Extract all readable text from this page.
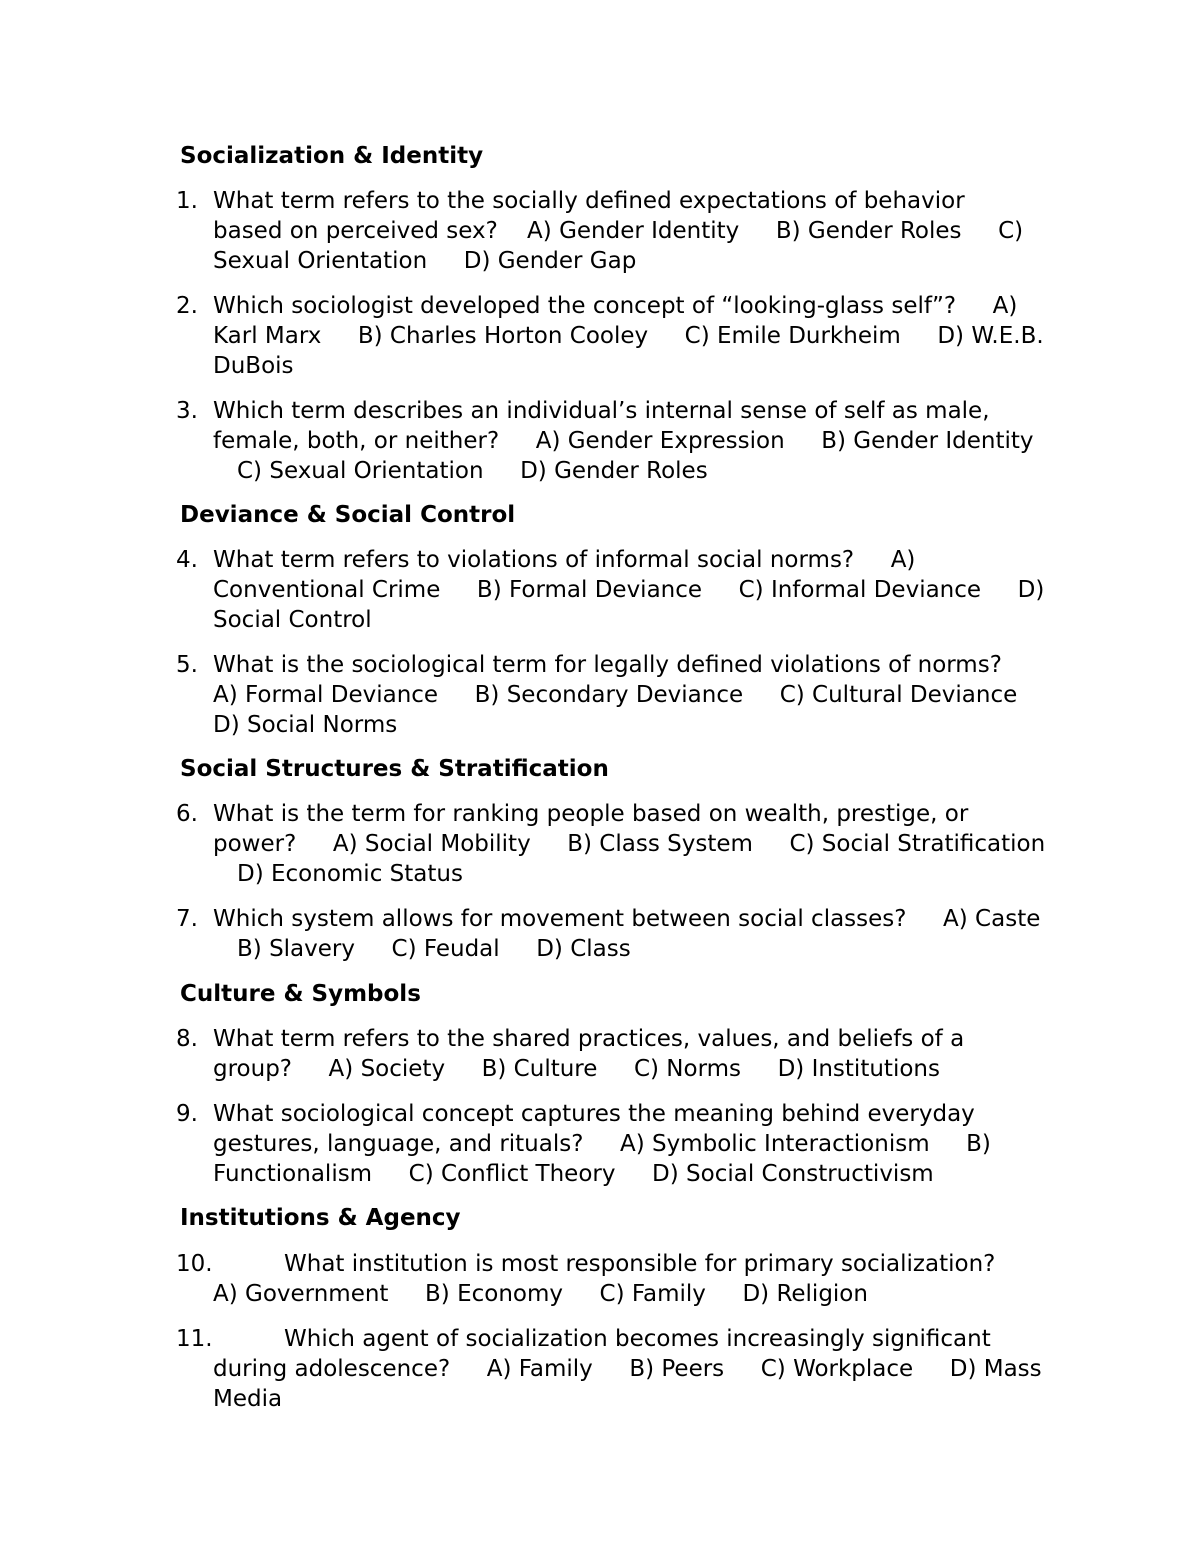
Socialization & Identity
1. What term refers to the socially defined expectations of behavior
based on perceived sex?    A) Gender Identity     B) Gender Roles     C)
Sexual Orientation     D) Gender Gap
2. Which sociologist developed the concept of “looking-glass self”?     A)
Karl Marx     B) Charles Horton Cooley     C) Emile Durkheim     D) W.E.B.
DuBois
3. Which term describes an individual’s internal sense of self as male,
female, both, or neither?     A) Gender Expression     B) Gender Identity
C) Sexual Orientation     D) Gender Roles
Deviance & Social Control
4. What term refers to violations of informal social norms?     A)
Conventional Crime     B) Formal Deviance     C) Informal Deviance     D)
Social Control
5. What is the sociological term for legally defined violations of norms?
A) Formal Deviance     B) Secondary Deviance     C) Cultural Deviance
D) Social Norms
Social Structures & Stratification
6. What is the term for ranking people based on wealth, prestige, or
power?     A) Social Mobility     B) Class System     C) Social Stratification
D) Economic Status
7. Which system allows for movement between social classes?     A) Caste
B) Slavery     C) Feudal     D) Class
Culture & Symbols
8. What term refers to the shared practices, values, and beliefs of a
group?     A) Society     B) Culture     C) Norms     D) Institutions
9. What sociological concept captures the meaning behind everyday
gestures, language, and rituals?     A) Symbolic Interactionism     B)
Functionalism     C) Conflict Theory     D) Social Constructivism
Institutions & Agency
10.	What institution is most responsible for primary socialization?
A) Government     B) Economy     C) Family     D) Religion
11.	Which agent of socialization becomes increasingly significant
during adolescence?     A) Family     B) Peers     C) Workplace     D) Mass
Media
